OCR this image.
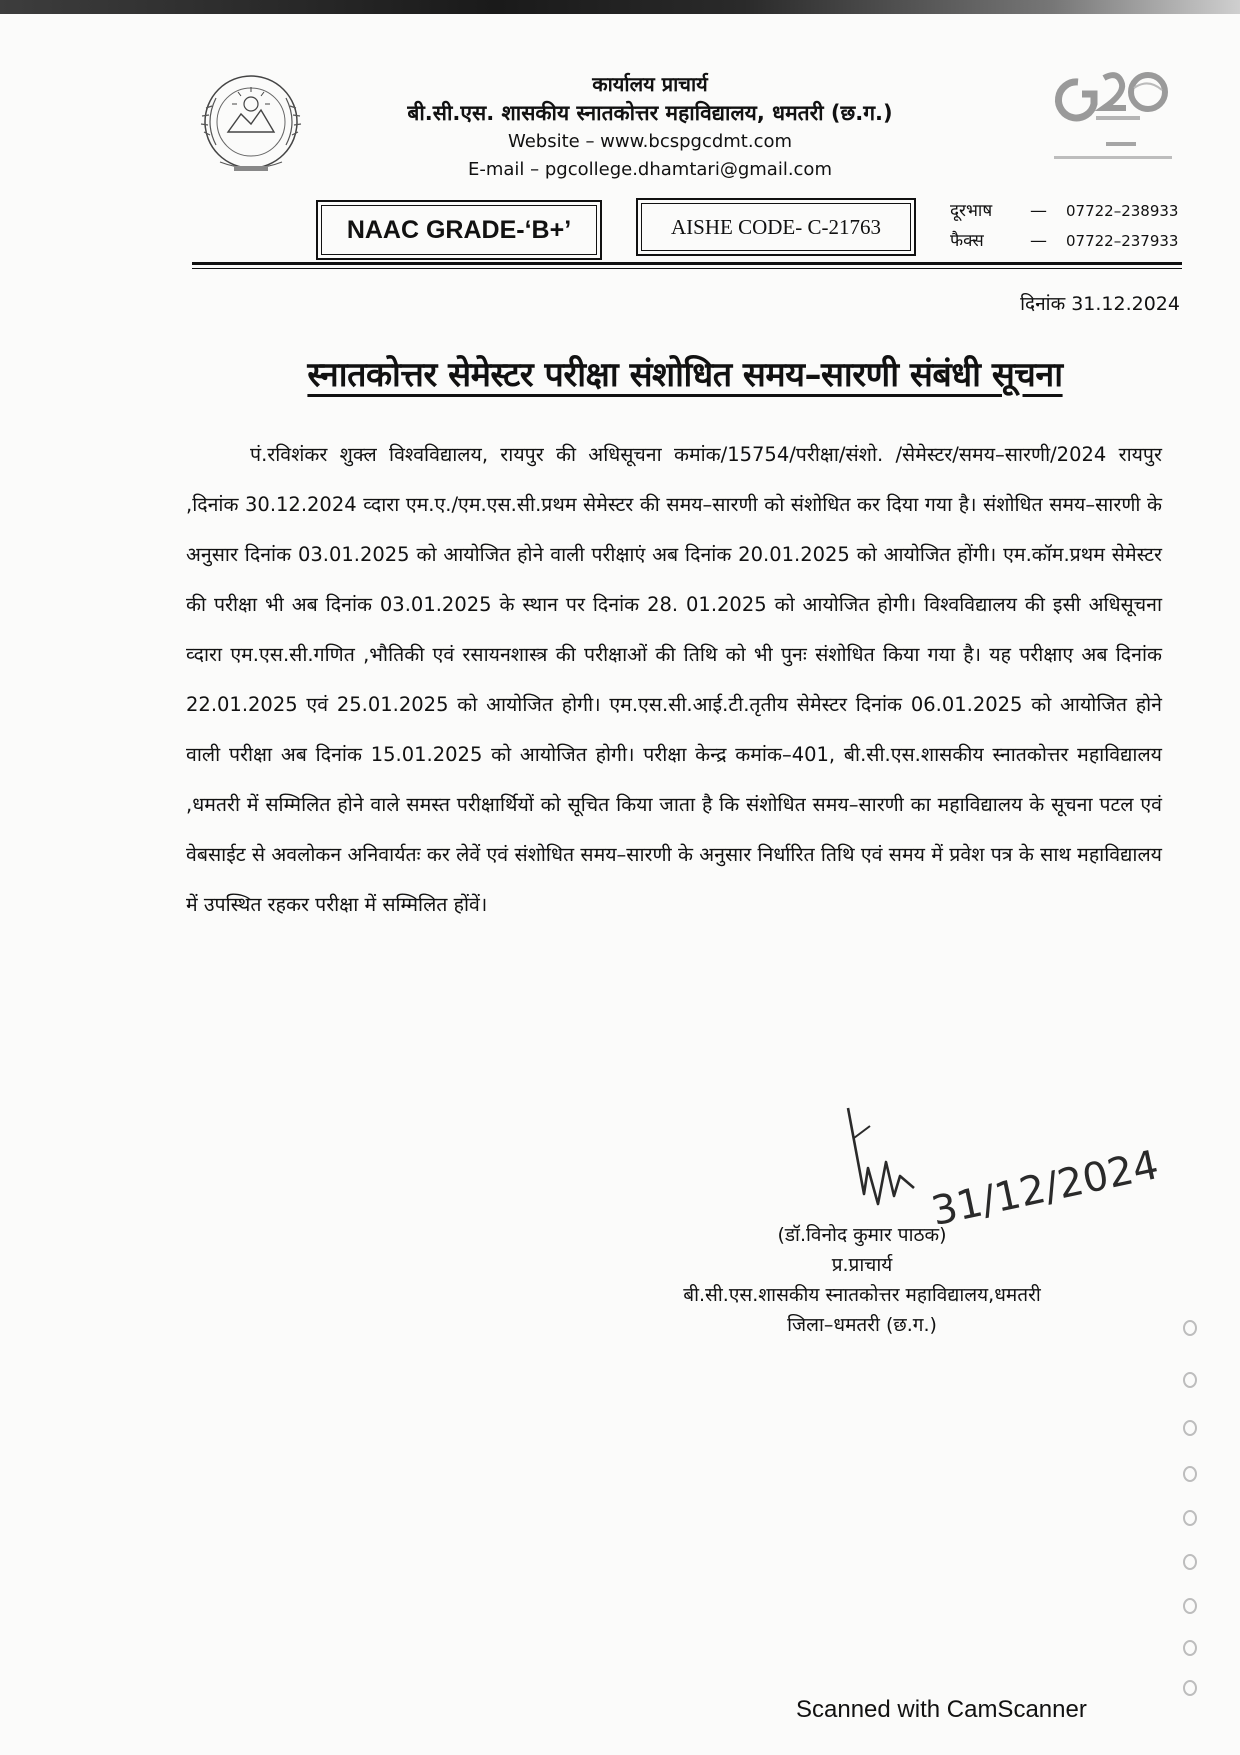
कार्यालय प्राचार्य
बी.सी.एस. शासकीय स्नातकोत्तर महाविद्यालय, धमतरी (छ.ग.)
Website – www.bcspgcdmt.com
E-mail – pgcollege.dhamtari@gmail.com
NAAC GRADE-‘B+’	AISHE CODE- C-21763
दूरभाष	—	07722–238933
फैक्स	—	07722–237933
दिनांक 31.12.2024
स्नातकोत्तर सेमेस्टर परीक्षा संशोधित समय–सारणी संबंधी सूचना
पं.रविशंकर शुक्ल विश्वविद्यालय, रायपुर की अधिसूचना कमांक/15754/परीक्षा/संशो. /सेमेस्टर/समय–सारणी/2024 रायपुर ,दिनांक 30.12.2024 व्दारा एम.ए./एम.एस.सी.प्रथम सेमेस्टर की समय–सारणी को संशोधित कर दिया गया है। संशोधित समय–सारणी के अनुसार दिनांक 03.01.2025 को आयोजित होने वाली परीक्षाएं अब दिनांक 20.01.2025 को आयोजित होंगी। एम.कॉम.प्रथम सेमेस्टर की परीक्षा भी अब दिनांक 03.01.2025 के स्थान पर दिनांक 28. 01.2025 को आयोजित होगी। विश्वविद्यालय की इसी अधिसूचना व्दारा एम.एस.सी.गणित ,भौतिकी एवं रसायनशास्त्र की परीक्षाओं की तिथि को भी पुनः संशोधित किया गया है। यह परीक्षाए अब दिनांक 22.01.2025 एवं 25.01.2025 को आयोजित होगी। एम.एस.सी.आई.टी.तृतीय सेमेस्टर दिनांक 06.01.2025 को आयोजित होने वाली परीक्षा अब दिनांक 15.01.2025 को आयोजित होगी। परीक्षा केन्द्र कमांक–401, बी.सी.एस.शासकीय स्नातकोत्तर महाविद्यालय ,धमतरी में सम्मिलित होने वाले समस्त परीक्षार्थियों को सूचित किया जाता है कि संशोधित समय–सारणी का महाविद्यालय के सूचना पटल एवं वेबसाईट से अवलोकन अनिवार्यतः कर लेवें एवं संशोधित समय–सारणी के अनुसार निर्धारित तिथि एवं समय में प्रवेश पत्र के साथ महाविद्यालय में उपस्थित रहकर परीक्षा में सम्मिलित होंवें।
31/12/2024
(डॉ.विनोद कुमार पाठक)
प्र.प्राचार्य
बी.सी.एस.शासकीय स्नातकोत्तर महाविद्यालय,धमतरी
जिला–धमतरी (छ.ग.)
Scanned with CamScanner
